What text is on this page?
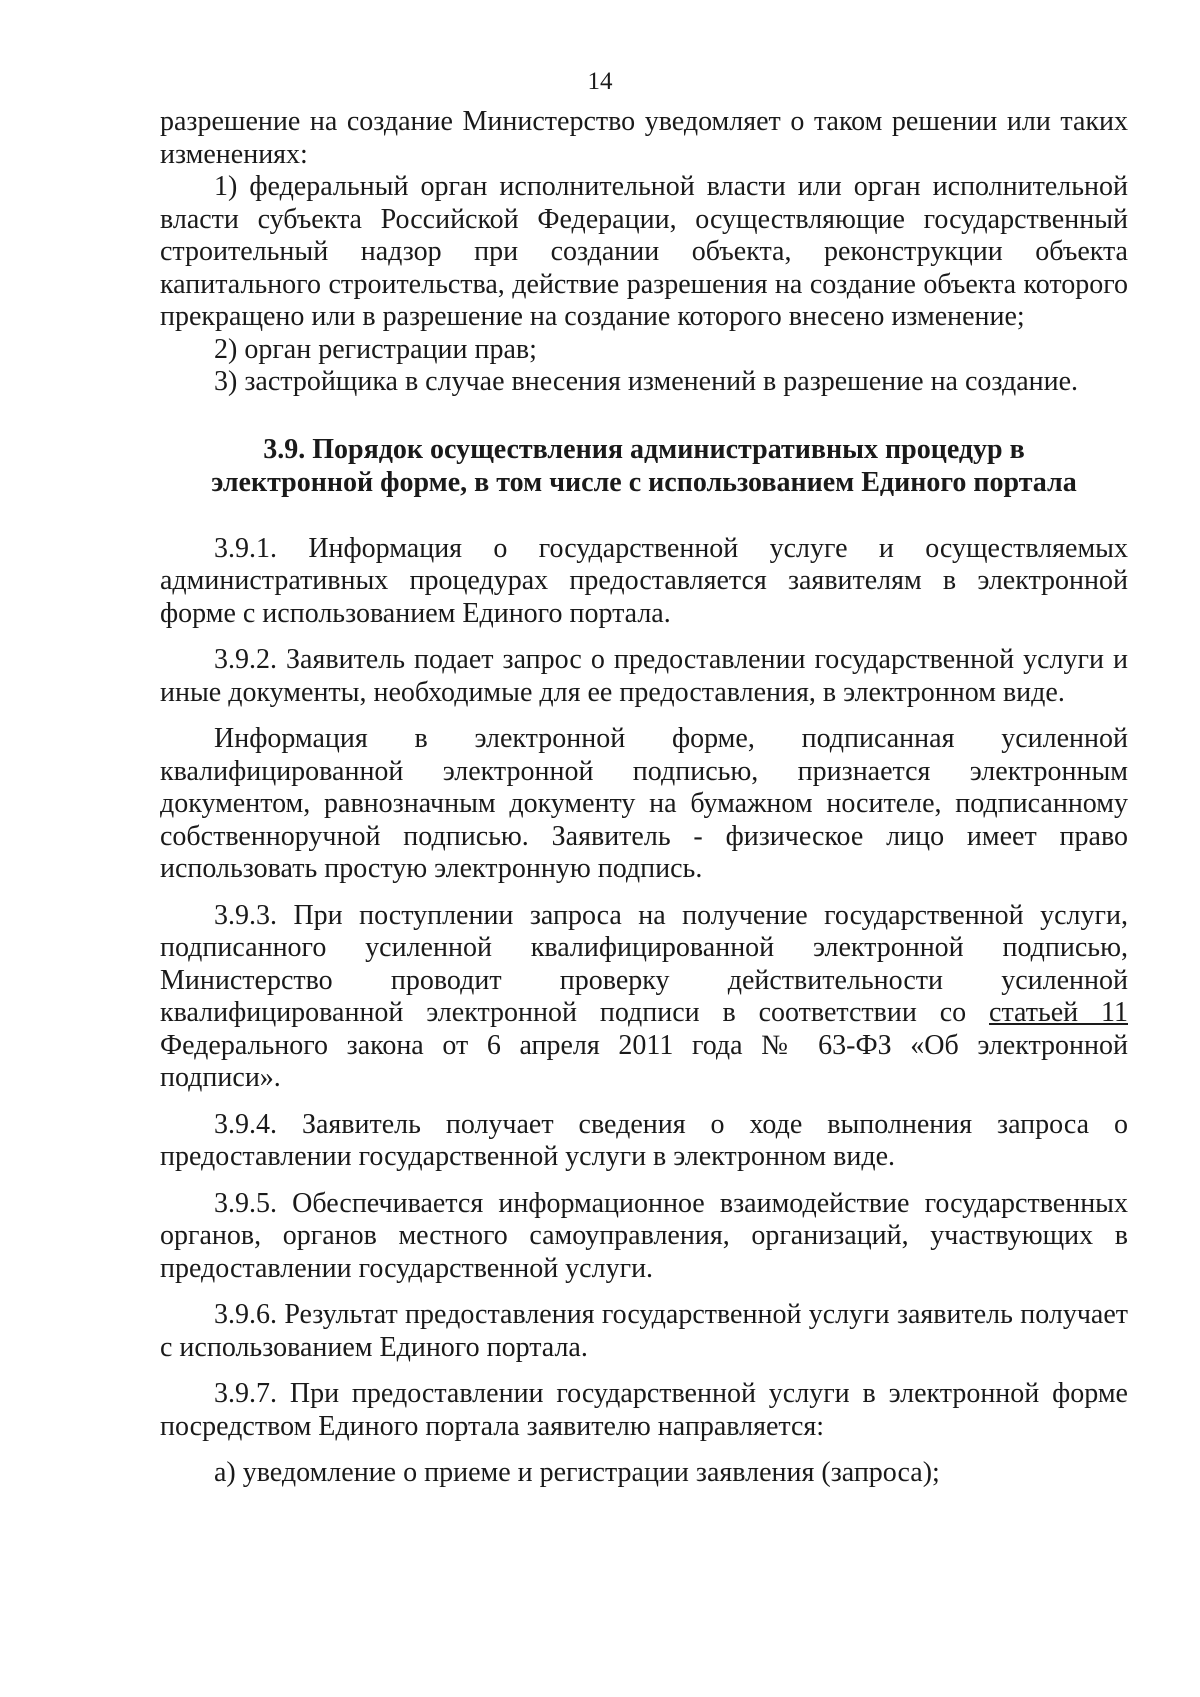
14

разрешение на создание Министерство уведомляет о таком решении или таких изменениях:

1) федеральный орган исполнительной власти или орган исполнительной власти субъекта Российской Федерации, осуществляющие государственный строительный надзор при создании объекта, реконструкции объекта капитального строительства, действие разрешения на создание объекта которого прекращено или в разрешение на создание которого внесено изменение;

2) орган регистрации прав;

3) застройщика в случае внесения изменений в разрешение на создание.

3.9. Порядок осуществления административных процедур в электронной форме, в том числе с использованием Единого портала

3.9.1. Информация о государственной услуге и осуществляемых административных процедурах предоставляется заявителям в электронной форме с использованием Единого портала.

3.9.2. Заявитель подает запрос о предоставлении государственной услуги и иные документы, необходимые для ее предоставления, в электронном виде.

Информация в электронной форме, подписанная усиленной квалифицированной электронной подписью, признается электронным документом, равнозначным документу на бумажном носителе, подписанному собственноручной подписью. Заявитель - физическое лицо имеет право использовать простую электронную подпись.

3.9.3. При поступлении запроса на получение государственной услуги, подписанного усиленной квалифицированной электронной подписью, Министерство проводит проверку действительности усиленной квалифицированной электронной подписи в соответствии со статьей 11 Федерального закона от 6 апреля 2011 года № 63-ФЗ «Об электронной подписи».

3.9.4. Заявитель получает сведения о ходе выполнения запроса о предоставлении государственной услуги в электронном виде.

3.9.5. Обеспечивается информационное взаимодействие государственных органов, органов местного самоуправления, организаций, участвующих в предоставлении государственной услуги.

3.9.6. Результат предоставления государственной услуги заявитель получает с использованием Единого портала.

3.9.7. При предоставлении государственной услуги в электронной форме посредством Единого портала заявителю направляется:

а) уведомление о приеме и регистрации заявления (запроса);
